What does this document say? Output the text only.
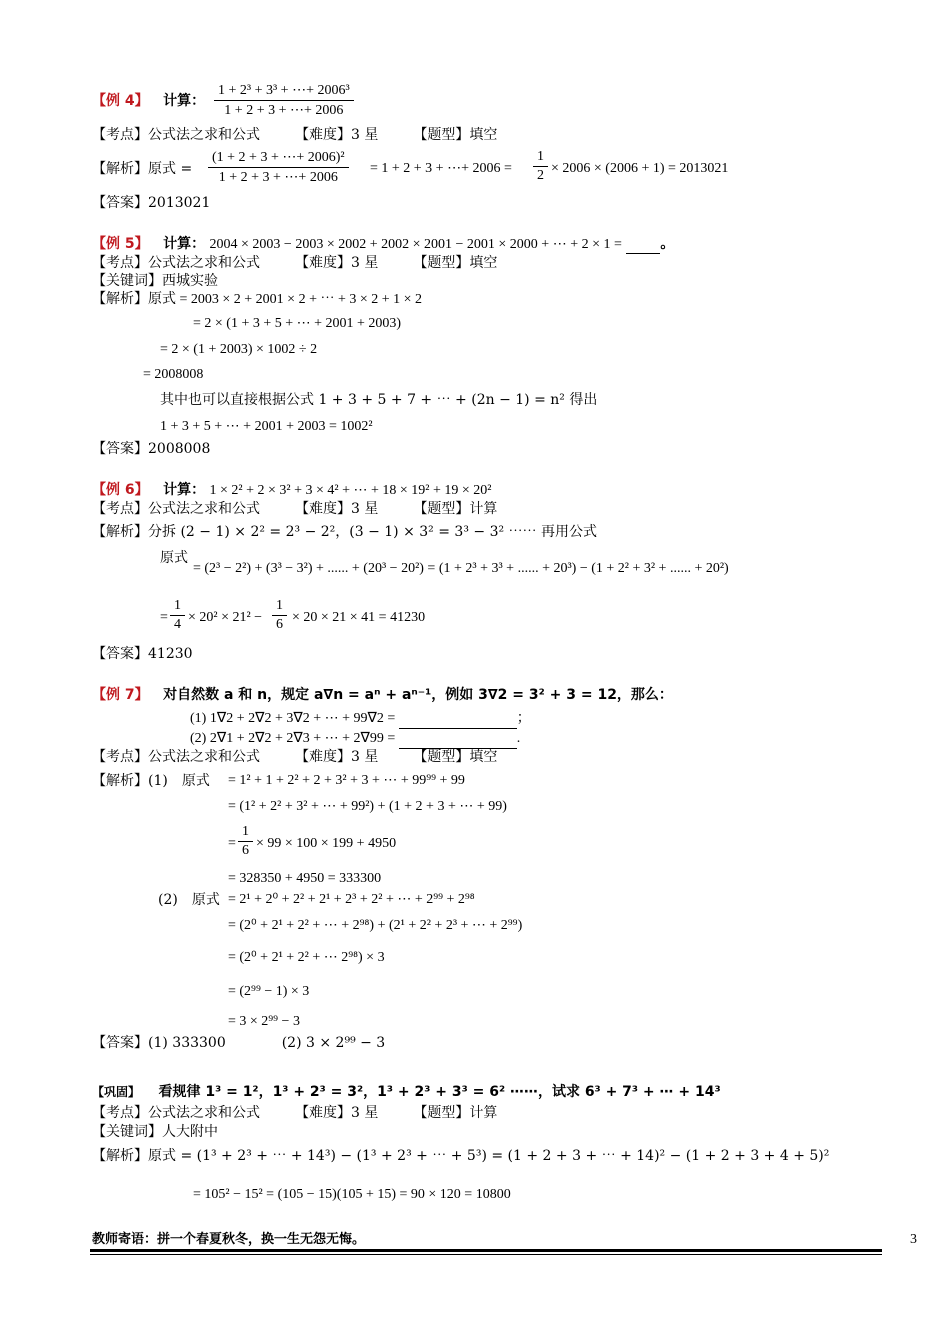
【例 4】 计算： $\frac{\text{1 + 2³ + 3³ + ⋯+ 2006³}}{1 + 2 + 3 + \cdots+ 2006}$
【考点】公式法之求和公式　　　【难度】3 星　　　【题型】填空
【解析】原式 = $\frac{\text{(1 + 2 + 3 + ⋯+ 2006)²}}{1 + 2 + 3 + \cdots+ 2006} = 1 + 2 + 3$ + ⋯+ $2006 = \frac{1}{2} \times 2006 \times (2006 + 1) = 2013021$
【答案】2013021
【例 5】 计算： 2004 × 2003 − 2003 × 2002 + 2002 × 2001 − 2001 × 2000 + ⋯ + 2 × 1 =	。
【考点】公式法之求和公式　　　【难度】3 星　　　【题型】填空
【关键词】西城实验
【解析】原式 = 2003 × 2 + 2001 × 2 + ⋯ + 3 × 2 + 1 × 2
= 2 × (1 + 3 + 5 + ⋯ + 2001 + 2003)
= 2 × (1 + 2003) × 1002 ÷ 2
= 2008008
其中也可以直接根据公式 1 + 3 + 5 + 7 + ⋯ + (2n − 1) = n² 得出
1 + 3 + 5 + ⋯ + 2001 + 2003 = 1002²
【答案】2008008
【例 6】 计算： 1 × 2² + 2 × 3² + 3 × 4² + ⋯ + 18 × 19² + 19 × 20²
【考点】公式法之求和公式　　　【难度】3 星　　　【题型】计算
【解析】分拆 (2 − 1) × 2² = 2³ − 2²，(3 − 1) × 3² = 3³ − 3² ⋯⋯ 再用公式
原式
= (2³ − 2²) + (3³ − 3²) + ...... + (20³ − 20²) = (1 + 2³ + 3³ + ...... + 20³) − (1 + 2² + 3² + ...... + 20²)
= $\frac{1}{4} \times 20^2 \times 21^2 - \frac{1}{6} \times 20 \times 21 \times 41 = 41230$
【答案】41230
【例 7】 对自然数 a 和 n，规定 a∇n = aⁿ + aⁿ⁻¹，例如 3∇2 = 3² + 3 = 12，那么：
(1) 1∇2 + 2∇2 + 3∇2 + ⋯ + 99∇2 =	；
(2) 2∇1 + 2∇2 + 2∇3 + ⋯ + 2∇99 =	.
【考点】公式法之求和公式　　　【难度】3 星　　　【题型】填空
【解析】(1)　原式 = 1² + 1 + 2² + 2 + 3² + 3 + ⋯ + 99⁹⁹ + 99
= (1² + 2² + 3² + ⋯ + 99²) + (1 + 2 + 3 + ⋯ + 99)
= $\frac{1}{6} \times 99 \times 100 \times 199 + 4950$
= 328350 + 4950 = 333300
(2)　原式 = 2¹ + 2⁰ + 2² + 2¹ + 2³ + 2² + ⋯ + 2⁹⁹ + 2⁹⁸
= (2⁰ + 2¹ + 2² + ⋯ + 2⁹⁸) + (2¹ + 2² + 2³ + ⋯ + 2⁹⁹)
= (2⁰ + 2¹ + 2² + ⋯ 2⁹⁸) × 3
= (2⁹⁹ − 1) × 3
= 3 × 2⁹⁹ − 3
【答案】(1) 333300　　　　(2) 3 × 2⁹⁹ − 3
【巩固】 看规律 1³ = 1²，1³ + 2³ = 3²，1³ + 2³ + 3³ = 6² ⋯⋯，试求 6³ + 7³ + ⋯ + 14³
【考点】公式法之求和公式　　　【难度】3 星　　　【题型】计算
【关键词】人大附中
【解析】原式 = (1³ + 2³ + ⋯ + 14³) − (1³ + 2³ + ⋯ + 5³) = (1 + 2 + 3 + ⋯ + 14)² − (1 + 2 + 3 + 4 + 5)²
= 105² − 15² = (105 − 15)(105 + 15) = 90 × 120 = 10800
教师寄语：拼一个春夏秋冬，换一生无怨无悔。	3
